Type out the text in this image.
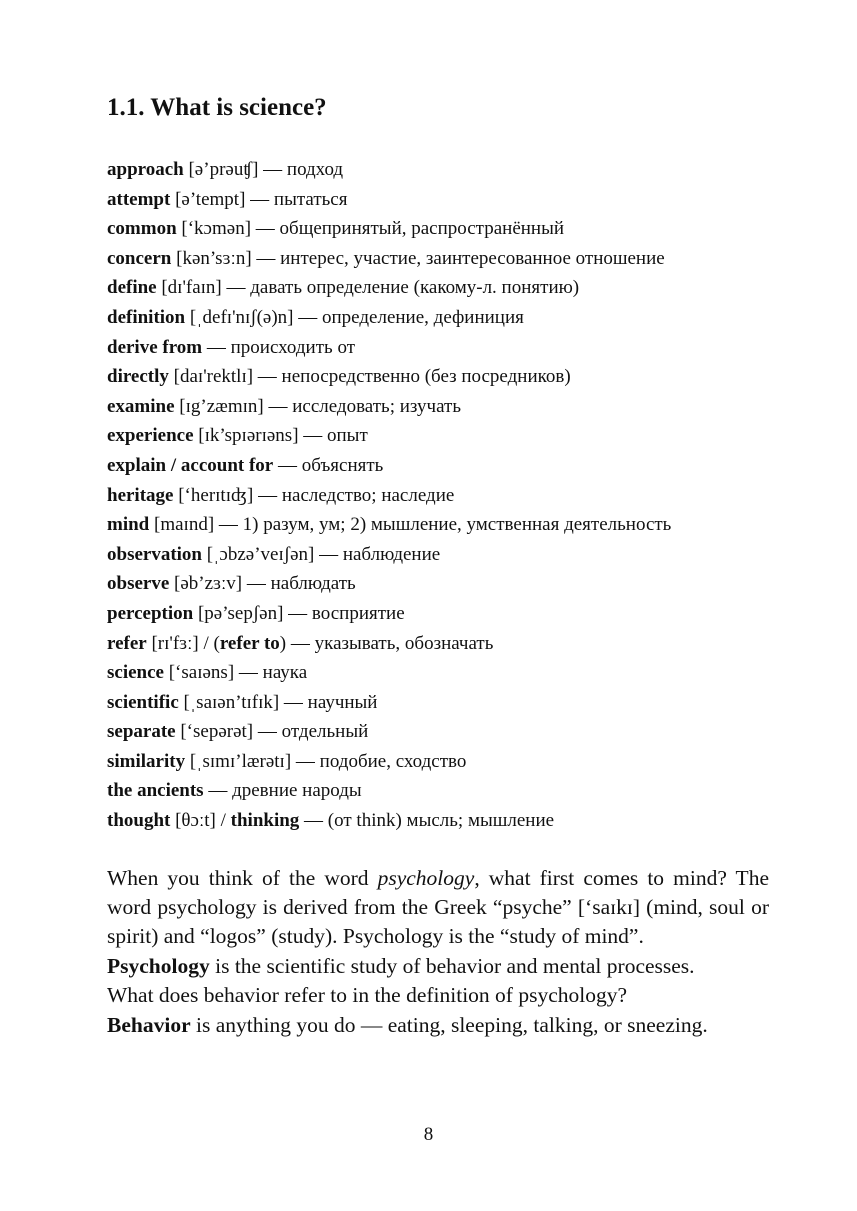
1.1. What is science?
approach [ə’prəuʧ] — подход
attempt [ə’tempt] — пытаться
common [‘kɔmən] — общепринятый, распространённый
concern [kən’sɜːn] — интерес, участие, заинтересованное отношение
define [dɪ'faɪn] — давать определение (какому-л. понятию)
definition [ˌdefɪ'nɪʃ(ə)n] — определение, дефиниция
derive from — происходить от
directly [daɪ'rektlɪ] — непосредственно (без посредников)
examine [ɪg’zæmɪn] — исследовать; изучать
experience [ɪk’spɪərɪəns] — опыт
explain / account for — объяснять
heritage [‘herɪtɪʤ] — наследство; наследие
mind [maɪnd] — 1) разум, ум; 2) мышление, умственная деятельность
observation [ˌɔbzə’veɪʃən] — наблюдение
observe [əb’zɜːv] — наблюдать
perception [pə’sepʃən] — восприятие
refer [rɪ'fɜː] / (refer to) — указывать, обозначать
science [‘saɪəns] — наука
scientific [ˌsaɪən’tɪfɪk] — научный
separate [‘sepərət] — отдельный
similarity [ˌsɪmɪ’lærətɪ] — подобие, сходство
the ancients — древние народы
thought [θɔːt] / thinking — (от think) мысль; мышление

When you think of the word psychology, what first comes to mind? The word psychology is derived from the Greek “psyche” [‘saɪkɪ] (mind, soul or spirit) and “logos” (study). Psychology is the “study of mind”.

Psychology is the scientific study of behavior and mental processes.

What does behavior refer to in the definition of psychology?

Behavior is anything you do — eating, sleeping, talking, or sneezing.

8
